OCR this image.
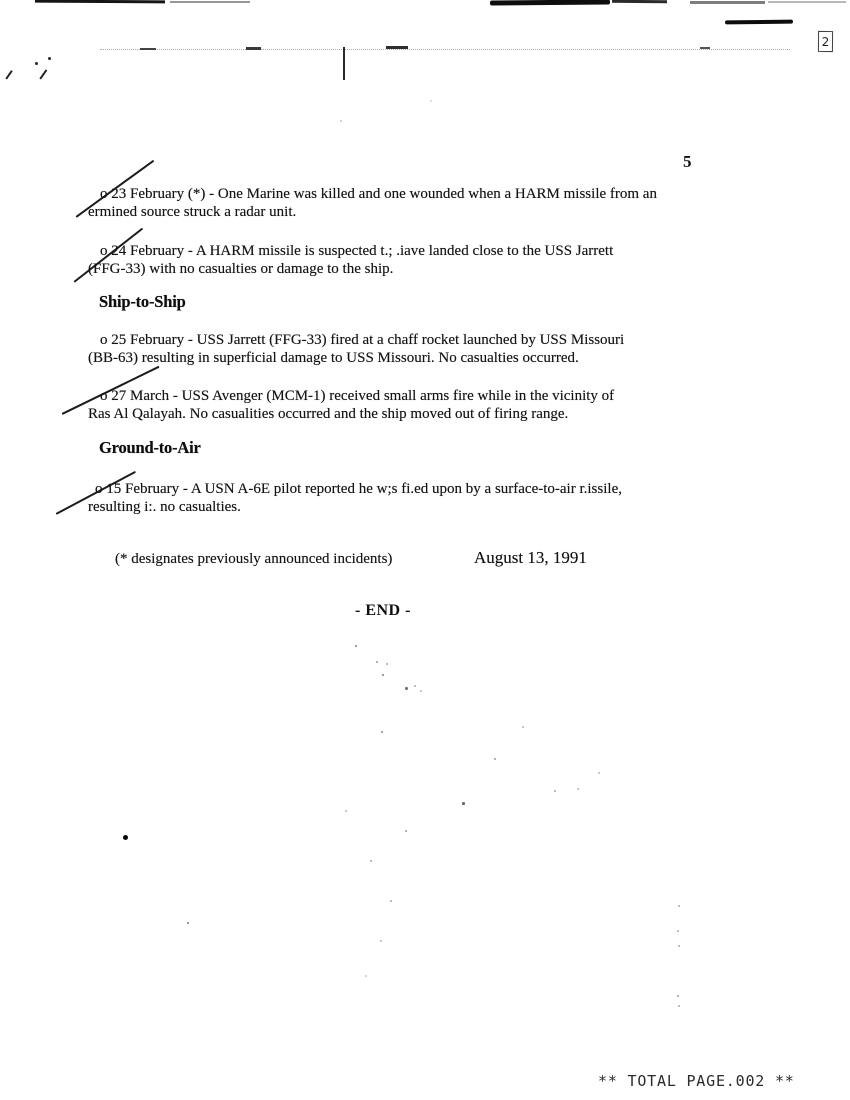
2
5
o 23 February (*) - One Marine was killed and one wounded when a HARM missile from an
ermined source struck a radar unit.
o 24 February - A HARM missile is suspected t.; .iave landed close to the USS Jarrett
(FFG-33) with no casualties or damage to the ship.
Ship-to-Ship
o 25 February - USS Jarrett (FFG-33) fired at a chaff rocket launched by USS Missouri
(BB-63) resulting in superficial damage to USS Missouri. No casualties occurred.
o 27 March - USS Avenger (MCM-1) received small arms fire while in the vicinity of
Ras Al Qalayah. No casualities occurred and the ship moved out of firing range.
Ground-to-Air
o 15 February - A USN A-6E pilot reported he w;s fi.ed upon by a surface-to-air r.issile,
resulting i:. no casualties.
(* designates previously announced incidents)	August 13, 1991
- END -
** TOTAL PAGE.002 **
